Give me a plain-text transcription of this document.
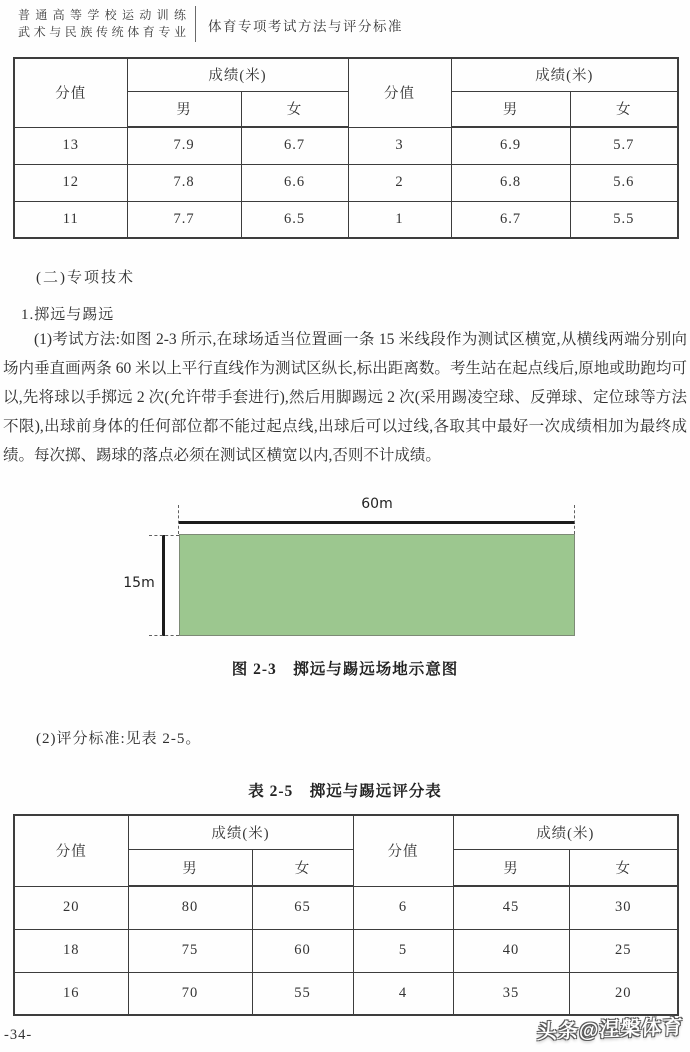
普通高等学校运动训练
武术与民族传统体育专业 体育专项考试方法与评分标准
分值	成绩(米)		分值	成绩(米)	
	男	女		男	女
13	7.9	6.7	3	6.9	5.7
12	7.8	6.6	2	6.8	5.6
11	7.7	6.5	1	6.7	5.5
(二)专项技术
1.掷远与踢远

(1)考试方法:如图 2-3 所示,在球场适当位置画一条 15 米线段作为测试区横宽,从横线两端分别向场内垂直画两条 60 米以上平行直线作为测试区纵长,标出距离数。考生站在起点线后,原地或助跑均可以,先将球以手掷远 2 次(允许带手套进行),然后用脚踢远 2 次(采用踢凌空球、反弹球、定位球等方法不限),出球前身体的任何部位都不能过起点线,出球后可以过线,各取其中最好一次成绩相加为最终成绩。每次掷、踢球的落点必须在测试区横宽以内,否则不计成绩。

60m
15m
图 2-3　掷远与踢远场地示意图
(2)评分标准:见表 2-5。
表 2-5　掷远与踢远评分表
分值	成绩(米)		分值	成绩(米)	
	男	女		男	女
20	80	65	6	45	30
18	75	60	5	40	25
16	70	55	4	35	20
-34-	头条@涅槃体育
